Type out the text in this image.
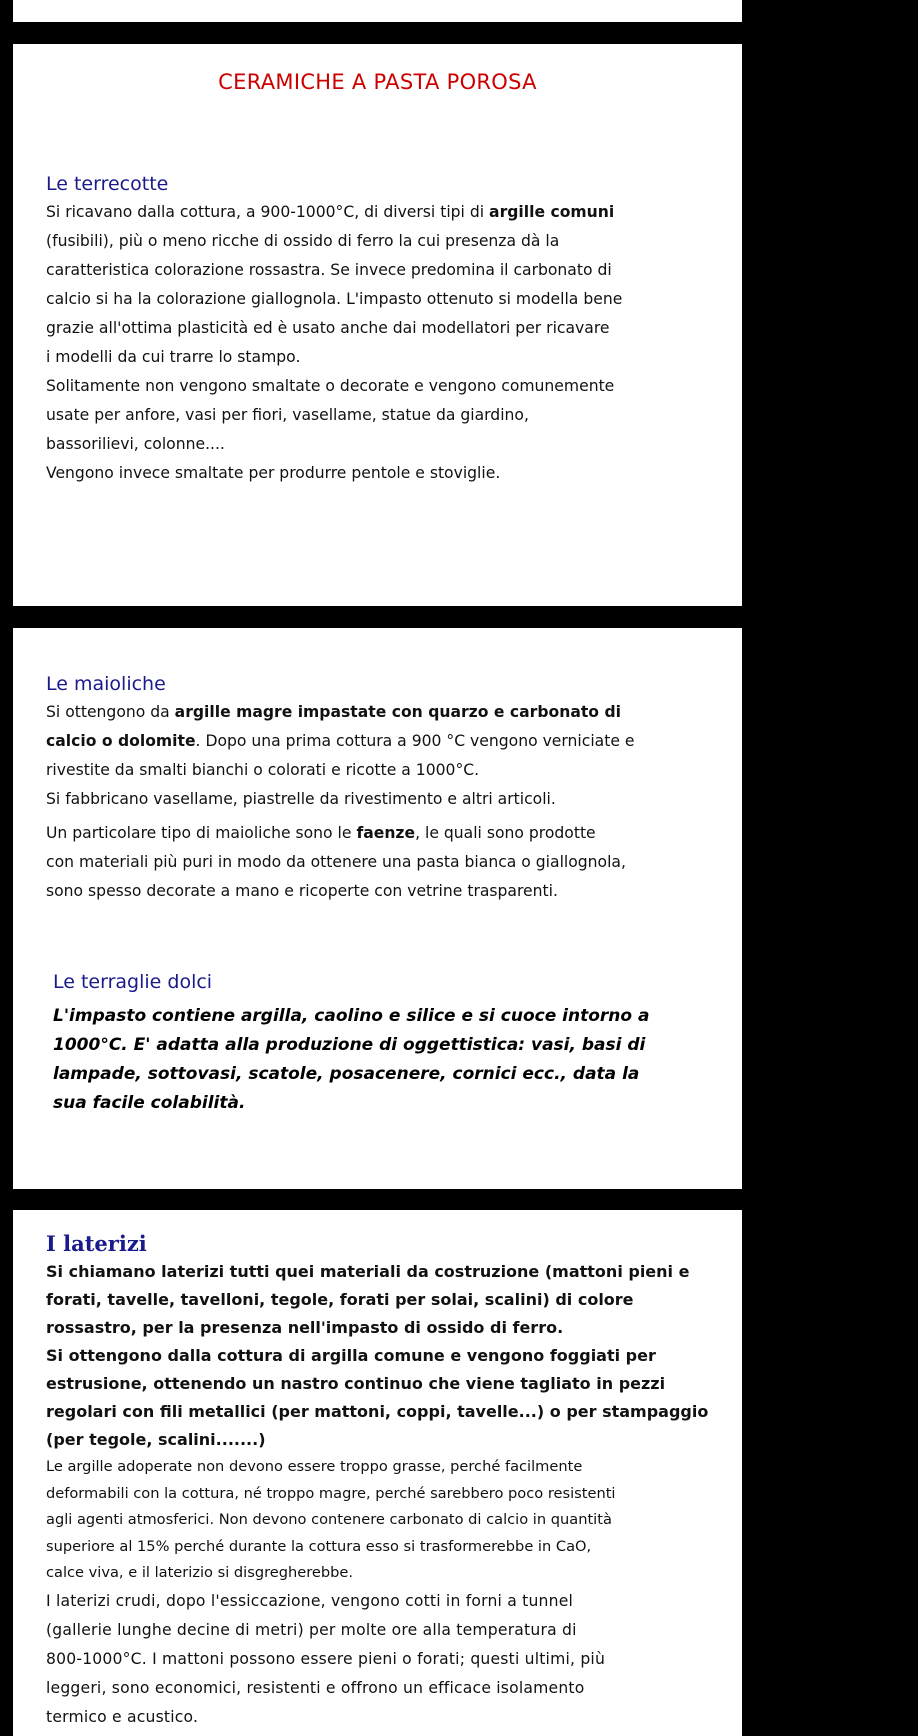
CERAMICHE A PASTA POROSA
Le terrecotte

Si ricavano dalla cottura, a 900-1000°C, di diversi tipi di argille comuni

(fusibili), più o meno ricche di ossido di ferro la cui presenza dà la

caratteristica colorazione rossastra. Se invece predomina il carbonato di

calcio si ha la colorazione giallognola. L'impasto ottenuto si modella bene

grazie all'ottima plasticità ed è usato anche dai modellatori per ricavare

i modelli da cui trarre lo stampo.

Solitamente non vengono smaltate o decorate e vengono comunemente

usate per anfore, vasi per fiori, vasellame, statue da giardino,

bassorilievi, colonne....

Vengono invece smaltate per produrre pentole e stoviglie.

Le maioliche

Si ottengono da argille magre impastate con quarzo e carbonato di

calcio o dolomite. Dopo una prima cottura a 900 °C vengono verniciate e

rivestite da smalti bianchi o colorati e ricotte a 1000°C.

Si fabbricano vasellame, piastrelle da rivestimento e altri articoli.

Un particolare tipo di maioliche sono le faenze, le quali sono prodotte

con materiali più puri in modo da ottenere una pasta bianca o giallognola,

sono spesso decorate a mano e ricoperte con vetrine trasparenti.

Le terraglie dolci

L'impasto contiene argilla, caolino e silice e si cuoce intorno a

1000°C. E' adatta alla produzione di oggettistica: vasi, basi di

lampade, sottovasi, scatole, posacenere, cornici ecc., data la

sua facile colabilità.

I laterizi

Si chiamano laterizi tutti quei materiali da costruzione (mattoni pieni e

forati, tavelle, tavelloni, tegole, forati per solai, scalini) di colore

rossastro, per la presenza nell'impasto di ossido di ferro.

Si ottengono dalla cottura di argilla comune e vengono foggiati per

estrusione, ottenendo un nastro continuo che viene tagliato in pezzi

regolari con fili metallici (per mattoni, coppi, tavelle...) o per stampaggio

(per tegole, scalini.......)

Le argille adoperate non devono essere troppo grasse, perché facilmente

deformabili con la cottura, né troppo magre, perché sarebbero poco resistenti

agli agenti atmosferici. Non devono contenere carbonato di calcio in quantità

superiore al 15% perché durante la cottura esso si trasformerebbe in CaO,

calce viva, e il laterizio si disgregherebbe.

I laterizi crudi, dopo l'essiccazione, vengono cotti in forni a tunnel

(gallerie lunghe decine di metri) per molte ore alla temperatura di

800-1000°C. I mattoni possono essere pieni o forati; questi ultimi, più

leggeri, sono economici, resistenti e offrono un efficace isolamento

termico e acustico.
